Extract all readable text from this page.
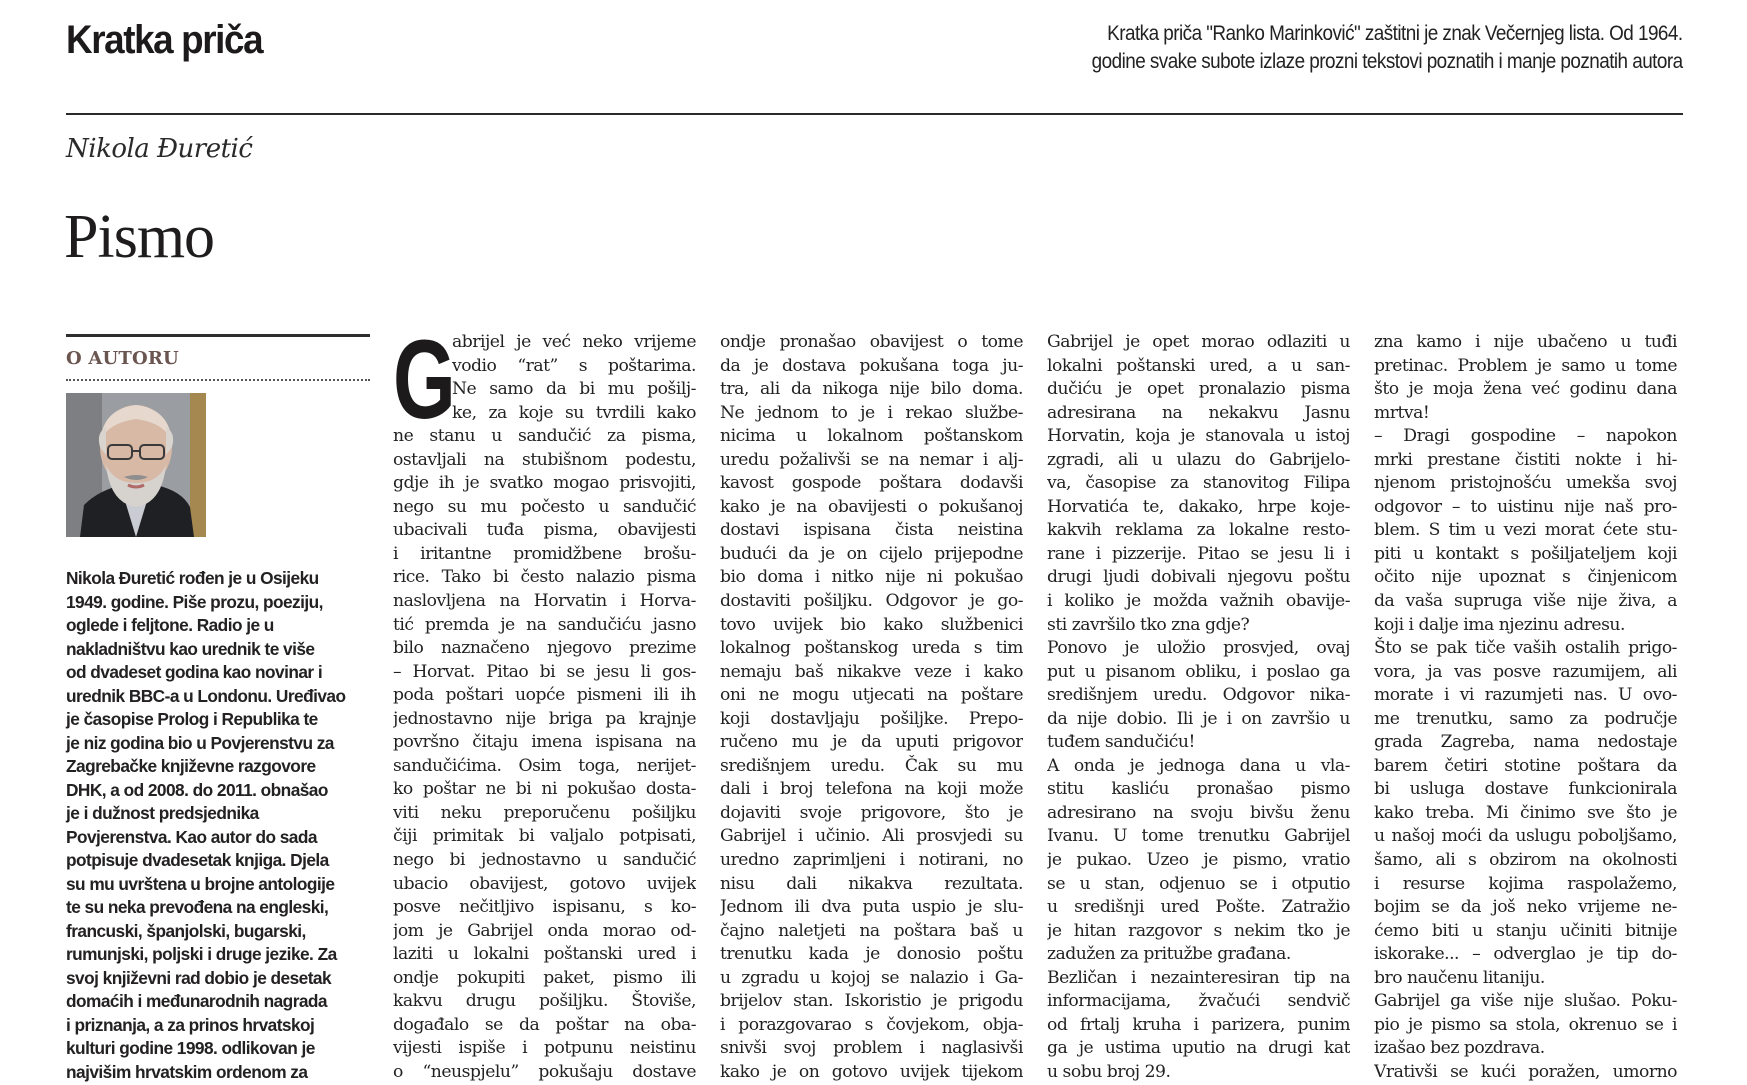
Kratka priča	Kratka priča "Ranko Marinković" zaštitni je znak Večernjeg lista. Od 1964.
godine svake subote izlaze prozni tekstovi poznatih i manje poznatih autora
Nikola Đuretić
Pismo
O AUTORU
Nikola Đuretić rođen je u Osijeku
1949. godine. Piše prozu, poeziju,
oglede i feljtone. Radio je u
nakladništvu kao urednik te više
od dvadeset godina kao novinar i
urednik BBC-a u Londonu. Uređivao
je časopise Prolog i Republika te
je niz godina bio u Povjerenstvu za
Zagrebačke književne razgovore
DHK, a od 2008. do 2011. obnašao
je i dužnost predsjednika
Povjerenstva. Kao autor do sada
potpisuje dvadesetak knjiga. Djela
su mu uvrštena u brojne antologije
te su neka prevođena na engleski,
francuski, španjolski, bugarski,
rumunjski, poljski i druge jezike. Za
svoj književni rad dobio je desetak
domaćih i međunarodnih nagrada
i priznanja, a za prinos hrvatskoj
kulturi godine 1998. odlikovan je
najvišim hrvatskim ordenom za
G
abrijel je već neko vrijeme
vodio “rat” s poštarima.
Ne samo da bi mu pošilj-
ke, za koje su tvrdili kako
ne stanu u sandučić za pisma,
ostavljali na stubišnom podestu,
gdje ih je svatko mogao prisvojiti,
nego su mu počesto u sandučić
ubacivali tuđa pisma, obavijesti
i iritantne promidžbene brošu-
rice. Tako bi često nalazio pisma
naslovljena na Horvatin i Horva-
tić premda je na sandučiću jasno
bilo naznačeno njegovo prezime
– Horvat. Pitao bi se jesu li gos-
poda poštari uopće pismeni ili ih
jednostavno nije briga pa krajnje
površno čitaju imena ispisana na
sandučićima. Osim toga, nerijet-
ko poštar ne bi ni pokušao dosta-
viti neku preporučenu pošiljku
čiji primitak bi valjalo potpisati,
nego bi jednostavno u sandučić
ubacio obavijest, gotovo uvijek
posve nečitljivo ispisanu, s ko-
jom je Gabrijel onda morao od-
laziti u lokalni poštanski ured i
ondje pokupiti paket, pismo ili
kakvu drugu pošiljku. Štoviše,
događalo se da poštar na oba-
vijesti ispiše i potpunu neistinu
o “neuspjelu” pokušaju dostave
ondje pronašao obavijest o tome
da je dostava pokušana toga ju-
tra, ali da nikoga nije bilo doma.
Ne jednom to je i rekao službe-
nicima u lokalnom poštanskom
uredu požalivši se na nemar i alj-
kavost gospode poštara dodavši
kako je na obavijesti o pokušanoj
dostavi ispisana čista neistina
budući da je on cijelo prijepodne
bio doma i nitko nije ni pokušao
dostaviti pošiljku. Odgovor je go-
tovo uvijek bio kako službenici
lokalnog poštanskog ureda s tim
nemaju baš nikakve veze i kako
oni ne mogu utjecati na poštare
koji dostavljaju pošiljke. Prepo-
ručeno mu je da uputi prigovor
središnjem uredu. Čak su mu
dali i broj telefona na koji može
dojaviti svoje prigovore, što je
Gabrijel i učinio. Ali prosvjedi su
uredno zaprimljeni i notirani, no
nisu dali nikakva rezultata.
Jednom ili dva puta uspio je slu-
čajno naletjeti na poštara baš u
trenutku kada je donosio poštu
u zgradu u kojoj se nalazio i Ga-
brijelov stan. Iskoristio je prigodu
i porazgovarao s čovjekom, obja-
snivši svoj problem i naglasivši
kako je on gotovo uvijek tijekom
Gabrijel je opet morao odlaziti u
lokalni poštanski ured, a u san-
dučiću je opet pronalazio pisma
adresirana na nekakvu Jasnu
Horvatin, koja je stanovala u istoj
zgradi, ali u ulazu do Gabrijelo-
va, časopise za stanovitog Filipa
Horvatića te, dakako, hrpe koje-
kakvih reklama za lokalne resto-
rane i pizzerije. Pitao se jesu li i
drugi ljudi dobivali njegovu poštu
i koliko je možda važnih obavije-
sti završilo tko zna gdje?
Ponovo je uložio prosvjed, ovaj
put u pisanom obliku, i poslao ga
središnjem uredu. Odgovor nika-
da nije dobio. Ili je i on završio u
tuđem sandučiću!
A onda je jednoga dana u vla-
stitu kasliću pronašao pismo
adresirano na svoju bivšu ženu
Ivanu. U tome trenutku Gabrijel
je pukao. Uzeo je pismo, vratio
se u stan, odjenuo se i otputio
u središnji ured Pošte. Zatražio
je hitan razgovor s nekim tko je
zadužen za pritužbe građana.
Bezličan i nezainteresiran tip na
informacijama, žvačući sendvič
od frtalj kruha i parizera, punim
ga je ustima uputio na drugi kat
u sobu broj 29.
zna kamo i nije ubačeno u tuđi
pretinac. Problem je samo u tome
što je moja žena već godinu dana
mrtva!
– Dragi gospodine – napokon
mrki prestane čistiti nokte i hi-
njenom pristojnošću umekša svoj
odgovor – to uistinu nije naš pro-
blem. S tim u vezi morat ćete stu-
piti u kontakt s pošiljateljem koji
očito nije upoznat s činjenicom
da vaša supruga više nije živa, a
koji i dalje ima njezinu adresu.
Što se pak tiče vaših ostalih prigo-
vora, ja vas posve razumijem, ali
morate i vi razumjeti nas. U ovo-
me trenutku, samo za područje
grada Zagreba, nama nedostaje
barem četiri stotine poštara da
bi usluga dostave funkcionirala
kako treba. Mi činimo sve što je
u našoj moći da uslugu poboljšamo,
šamo, ali s obzirom na okolnosti
i resurse kojima raspolažemo,
bojim se da još neko vrijeme ne-
ćemo biti u stanju učiniti bitnije
iskorake... – odverglao je tip do-
bro naučenu litaniju.
Gabrijel ga više nije slušao. Poku-
pio je pismo sa stola, okrenuo se i
izašao bez pozdrava.
Vrativši se kući poražen, umorno
